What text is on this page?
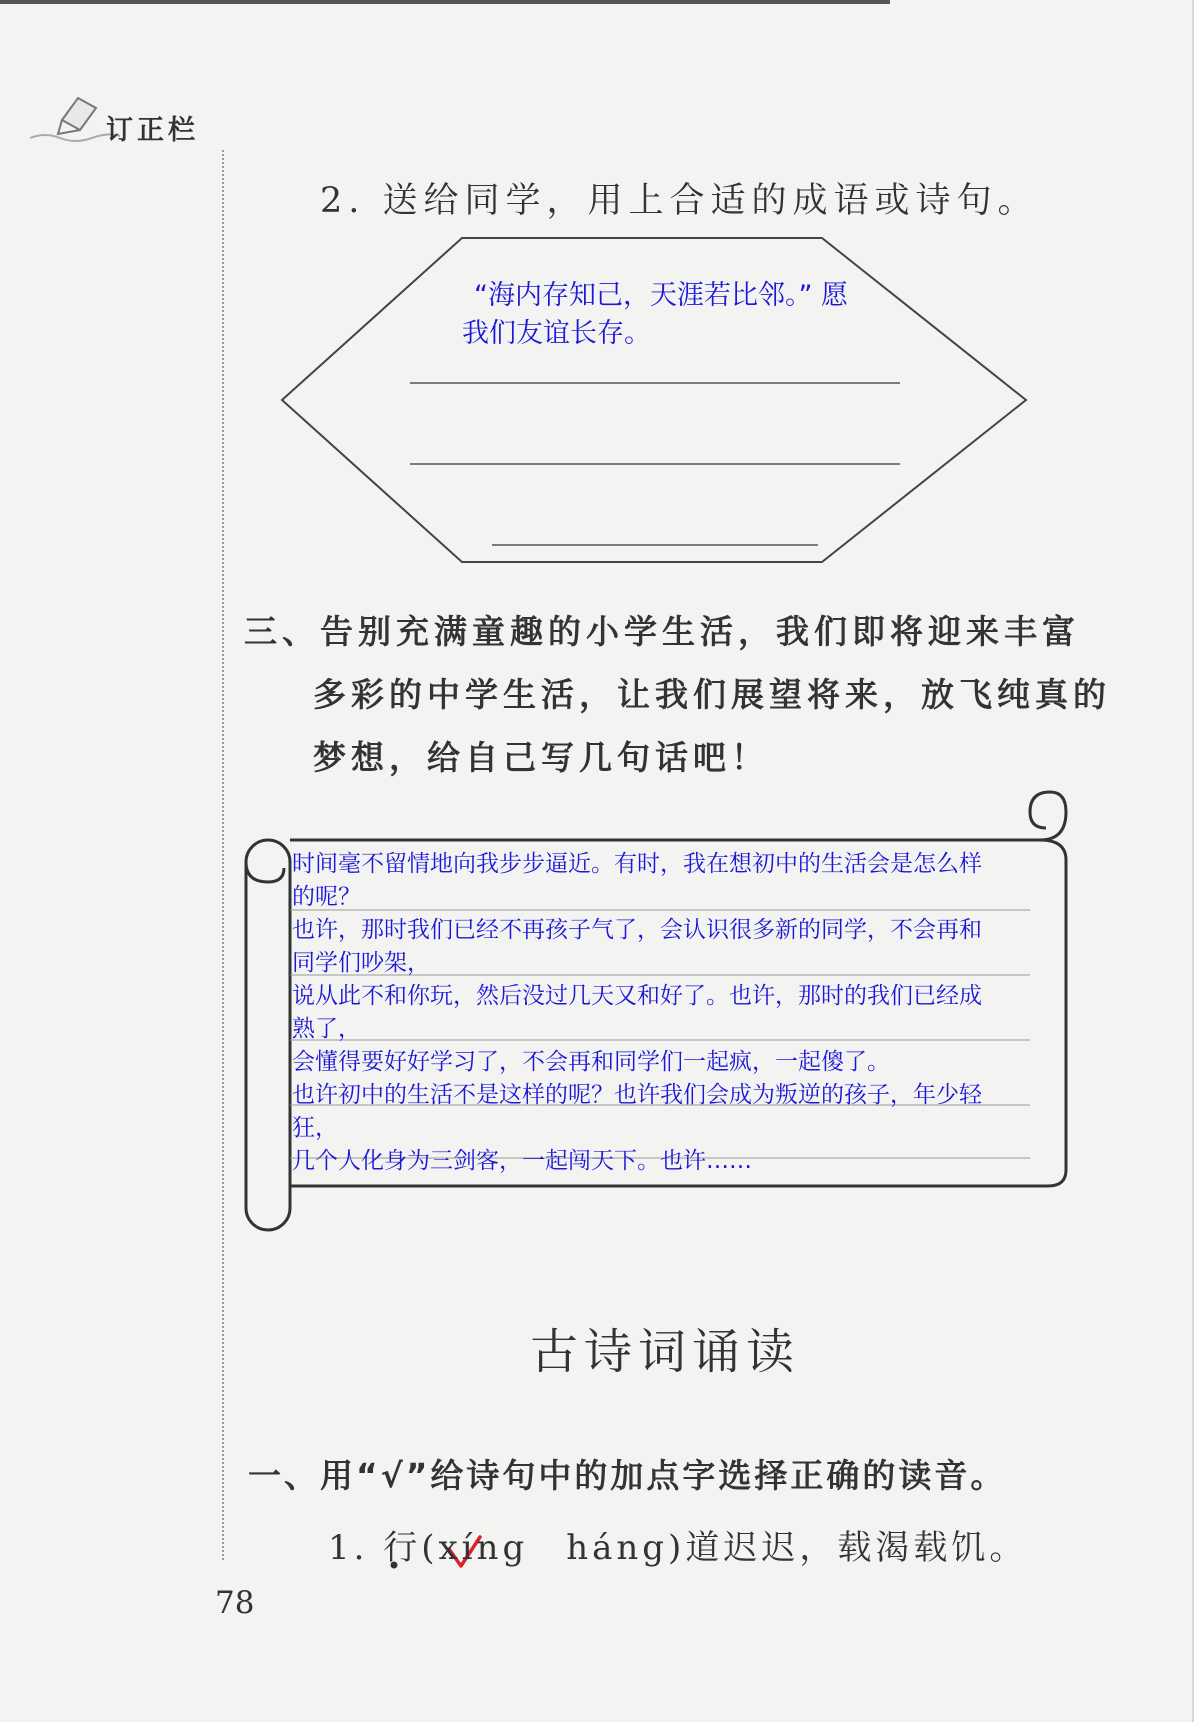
订正栏
2. 送给同学，用上合适的成语或诗句。
“海内存知己，天涯若比邻。” 愿
我们友谊长存。
三、告别充满童趣的小学生活，我们即将迎来丰富
多彩的中学生活，让我们展望将来，放飞纯真的
梦想，给自己写几句话吧！

时间毫不留情地向我步步逼近。有时，我在想初中的生活会是怎么样

的呢？

也许，那时我们已经不再孩子气了，会认识很多新的同学，不会再和

同学们吵架，

说从此不和你玩，然后没过几天又和好了。也许，那时的我们已经成

熟了，

会懂得要好好学习了，不会再和同学们一起疯，一起傻了。

也许初中的生活不是这样的呢？也许我们会成为叛逆的孩子，年少轻

狂，

几个人化身为三剑客，一起闯天下。也许……

古诗词诵读
一、用“√”给诗句中的加点字选择正确的读音。
1. 行(xíng　háng)道迟迟，载渴载饥。
78
